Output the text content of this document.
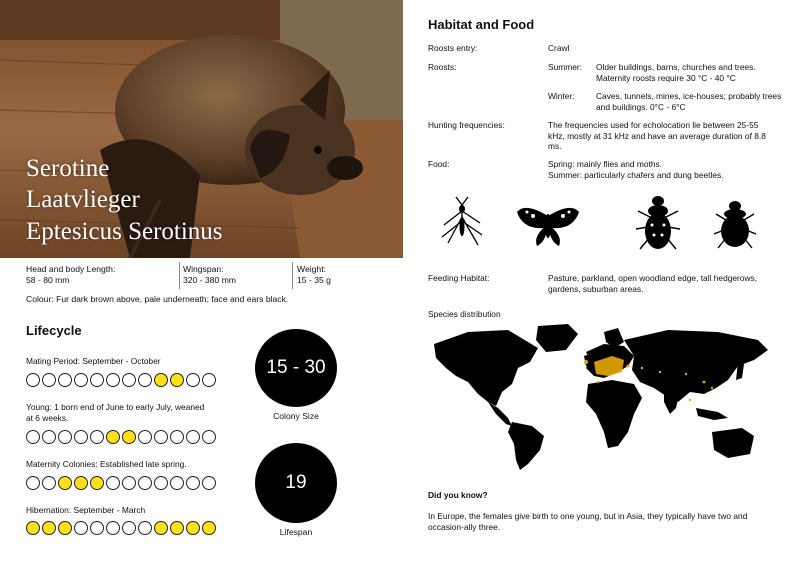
Serotine
Laatvlieger
Eptesicus Serotinus
Head and body Length:
58 - 80 mm
Wingspan:
320 - 380 mm
Weight:
15 - 35 g
Colour: Fur dark brown above, pale underneath; face and ears black.
Lifecycle
Mating Period: September - October
Young: 1 born end of June to early July, weaned at 6 weeks.
Maternity Colonies: Established late spring.
Hibernation: September - March
15 - 30
Colony Size
19
Lifespan
Habitat and Food
Roosts entry:	Crawl
Roosts:	Summer: Older buildings, barns, churches and trees. Maternity roosts require 30 °C - 40 °C
Winter:	Caves, tunnels, mines, ice-houses; probably trees and buildings. 0°C - 6°C
Hunting frequencies:	The frequencies used for echolocation lie between 25-55 kHz, mostly at 31 kHz and have an average duration of 8.8 ms.
Food:	Spring: mainly flies and moths.
Summer: particularly chafers and dung beetles.
Feeding Habitat:	Pasture, parkland, open woodland edge, tall hedgerows, gardens, suburban areas.
Species distribution
Did you know?
In Europe, the females give birth to one young, but in Asia, they typically have two and occasion-ally three.
